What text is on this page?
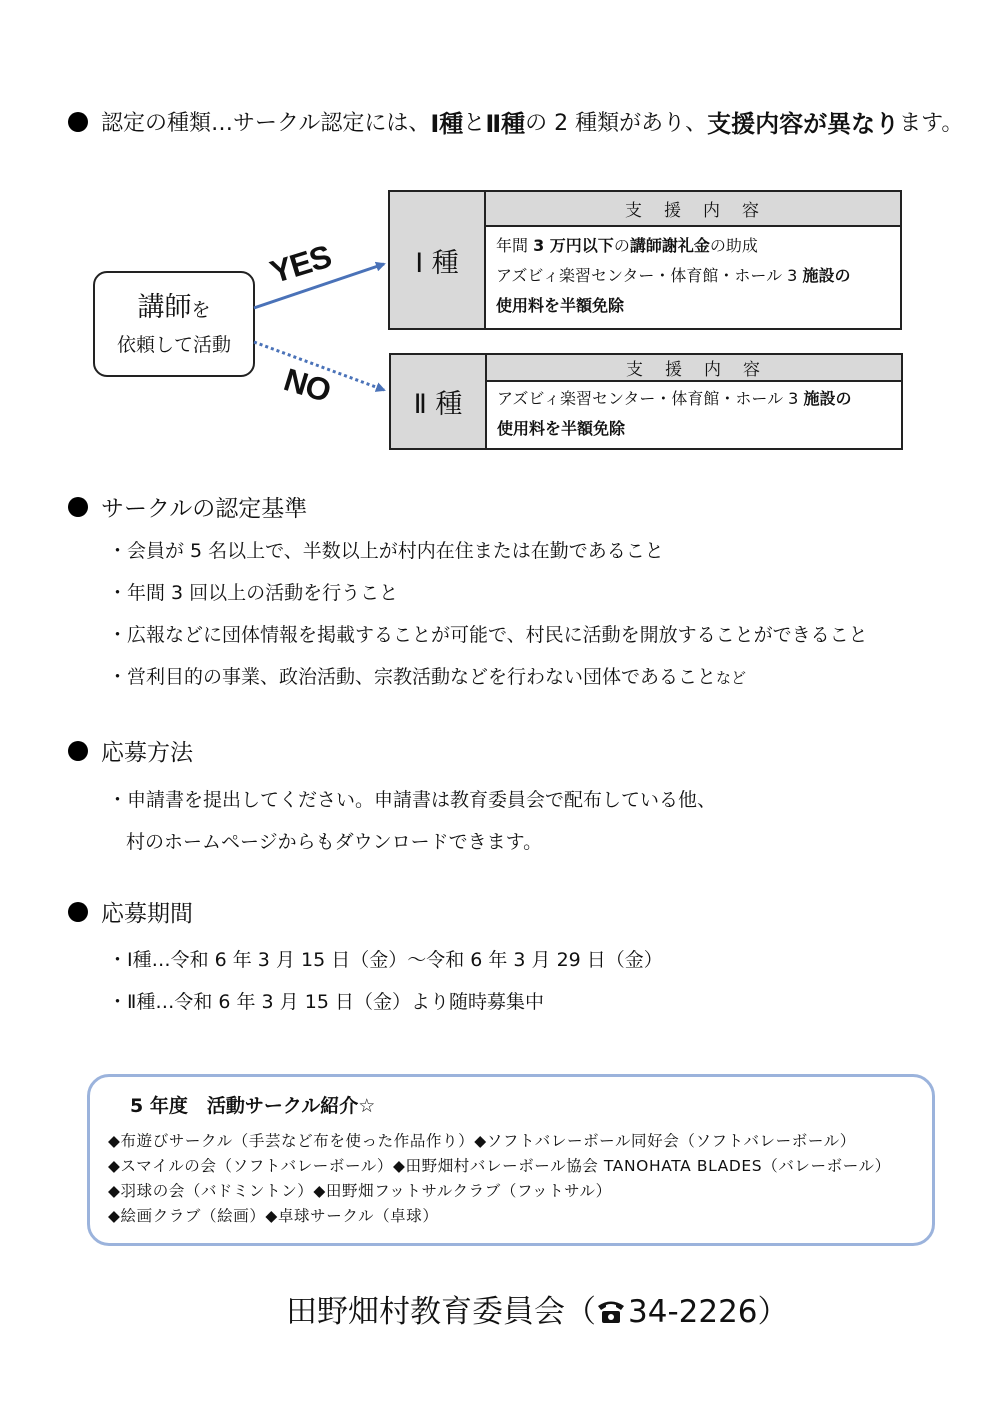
認定の種類 …サークル認定には、 Ⅰ種 と Ⅱ種 の 2 種類があり、 支援内容が異なり ます。
講師を
依頼して活動
YES
NO
Ⅰ 種
支援内容
年間 3 万円以下の講師謝礼金の助成
アズビィ楽習センター・体育館・ホール 3 施設の
使用料を半額免除
Ⅱ 種
支援内容
アズビィ楽習センター・体育館・ホール 3 施設の
使用料を半額免除
サークルの認定基準
・会員が 5 名以上で、半数以上が村内在住または在勤であること
・年間 3 回以上の活動を行うこと
・広報などに団体情報を掲載することが可能で、村民に活動を開放することができること
・営利目的の事業、政治活動、宗教活動などを行わない団体であることなど
応募方法
・申請書を提出してください。申請書は教育委員会で配布している他、
村のホームページからもダウンロードできます。
応募期間
・Ⅰ種…令和 6 年 3 月 15 日（金）～令和 6 年 3 月 29 日（金）
・Ⅱ種…令和 6 年 3 月 15 日（金）より随時募集中
5 年度　活動サークル紹介☆
◆布遊びサークル（手芸など布を使った作品作り）◆ソフトバレーボール同好会（ソフトバレーボール）
◆スマイルの会（ソフトバレーボール）◆田野畑村バレーボール協会 TANOHATA BLADES（バレーボール）
◆羽球の会（バドミントン）◆田野畑フットサルクラブ（フットサル）
◆絵画クラブ（絵画）◆卓球サークル（卓球）
田野畑村教育委員会（ 34-2226）
